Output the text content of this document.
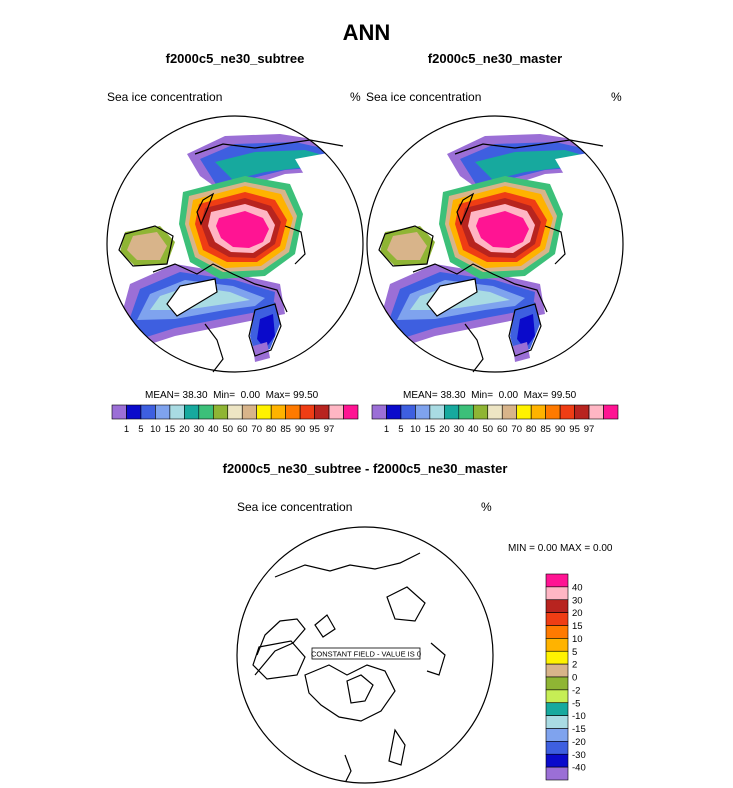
ANN
f2000c5_ne30_subtree	f2000c5_ne30_master
Sea ice concentration	% Sea ice concentration	%
MEAN= 38.30 Min= 0.00 Max= 99.50	MEAN= 38.30 Min= 0.00 Max= 99.50
1 5 10 15 20 30 40 50 60 70 80 85 90 95 97	1 5 10 15 20 30 40 50 60 70 80 85 90 95 97
f2000c5_ne30_subtree - f2000c5_ne30_master
Sea ice concentration	%
MIN = 0.00 MAX = 0.00
CONSTANT FIELD - VALUE IS 0
40
30
20
15
10
5
2
0
-2
-5
-10
-15
-20
-30
-40
